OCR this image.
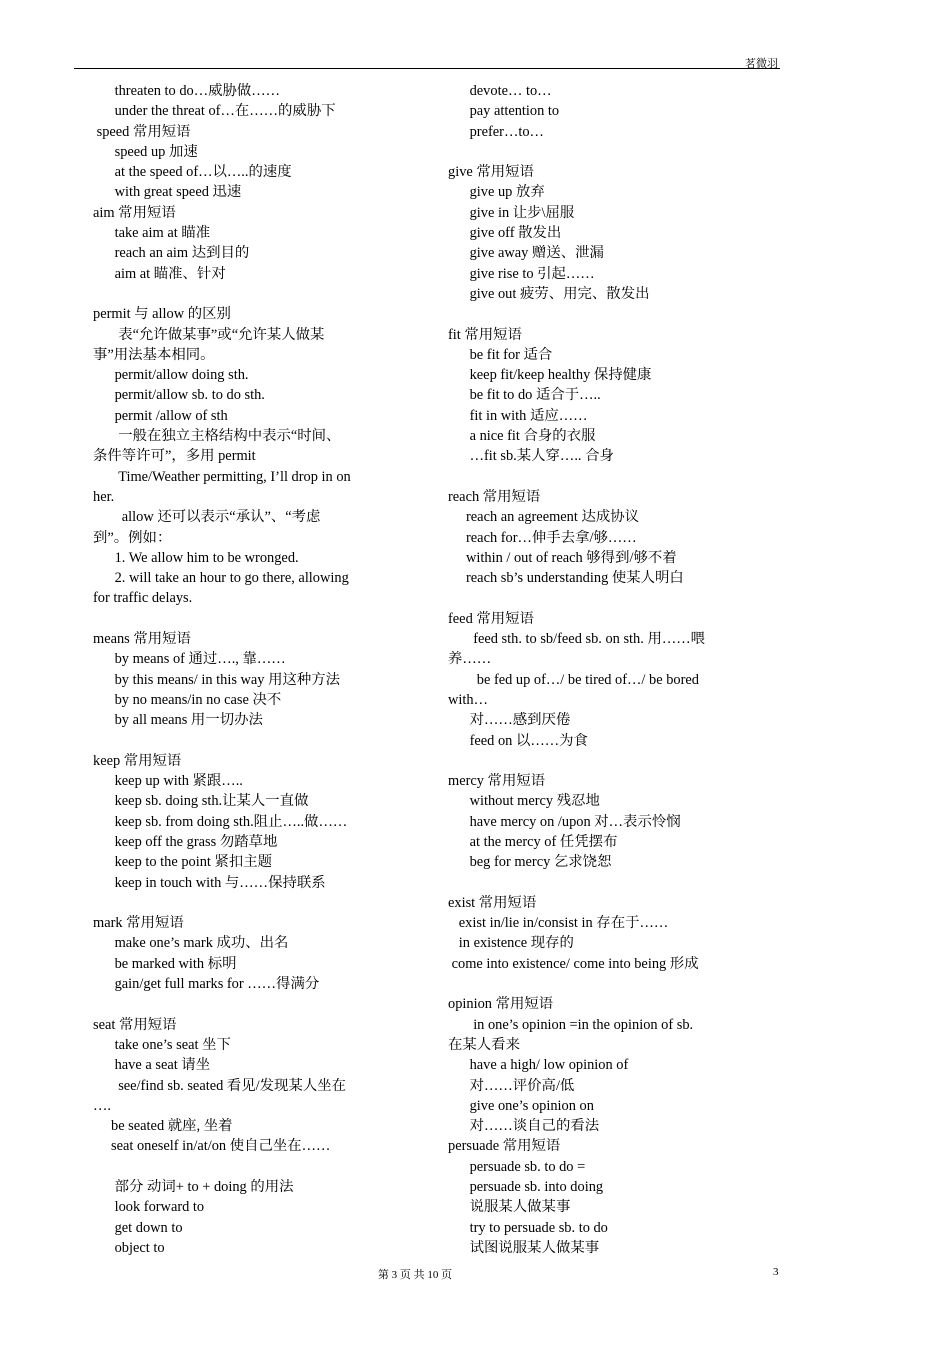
茗微羽
threaten to do…威胁做……
under the threat of…在……的威胁下
speed 常用短语
speed up 加速
at the speed of…以…..的速度
with great speed 迅速
aim 常用短语
take aim at 瞄准
reach an aim 达到目的
aim at 瞄准、针对
permit 与 allow 的区别
表“允许做某事”或“允许某人做某
事”用法基本相同。
permit/allow doing sth.
permit/allow sb. to do sth.
permit /allow of sth
一般在独立主格结构中表示“时间、
条件等许可”，多用 permit
Time/Weather permitting, I’ll drop in on
her.
allow 还可以表示“承认”、“考虑
到”。例如：
1. We allow him to be wronged.
2. will take an hour to go there, allowing
for traffic delays.
means 常用短语
by means of 通过…., 靠……
by this means/ in this way 用这种方法
by no means/in no case 决不
by all means 用一切办法
keep 常用短语
keep up with 紧跟…..
keep sb. doing sth.让某人一直做
keep sb. from doing sth.阻止…..做……
keep off the grass 勿踏草地
keep to the point 紧扣主题
keep in touch with 与……保持联系
mark 常用短语
make one’s mark 成功、出名
be marked with 标明
gain/get full marks for ……得满分
seat 常用短语
take one’s seat 坐下
have a seat 请坐
see/find sb. seated 看见/发现某人坐在
….
be seated 就座, 坐着
seat oneself in/at/on 使自己坐在……
部分 动词+ to + doing 的用法
look forward to
get down to
object to
devote… to…
pay attention to
prefer…to…
give 常用短语
give up 放弃
give in 让步\屈服
give off 散发出
give away 赠送、泄漏
give rise to 引起……
give out 疲劳、用完、散发出
fit 常用短语
be fit for 适合
keep fit/keep healthy 保持健康
be fit to do 适合于…..
fit in with 适应……
a nice fit 合身的衣服
…fit sb.某人穿….. 合身
reach 常用短语
reach an agreement 达成协议
reach for…伸手去拿/够……
within / out of reach 够得到/够不着
reach sb’s understanding 使某人明白
feed 常用短语
feed sth. to sb/feed sb. on sth. 用……喂
养……
be fed up of…/ be tired of…/ be bored
with…
对……感到厌倦
feed on 以……为食
mercy 常用短语
without mercy 残忍地
have mercy on /upon 对…表示怜悯
at the mercy of 任凭摆布
beg for mercy 乞求饶恕
exist 常用短语
exist in/lie in/consist in 存在于……
in existence 现存的
come into existence/ come into being 形成
opinion 常用短语
in one’s opinion =in the opinion of sb.
在某人看来
have a high/ low opinion of
对……评价高/低
give one’s opinion on
对……谈自己的看法
persuade 常用短语
persuade sb. to do =
persuade sb. into doing
说服某人做某事
try to persuade sb. to do
试图说服某人做某事
第 3 页 共 10 页	3
